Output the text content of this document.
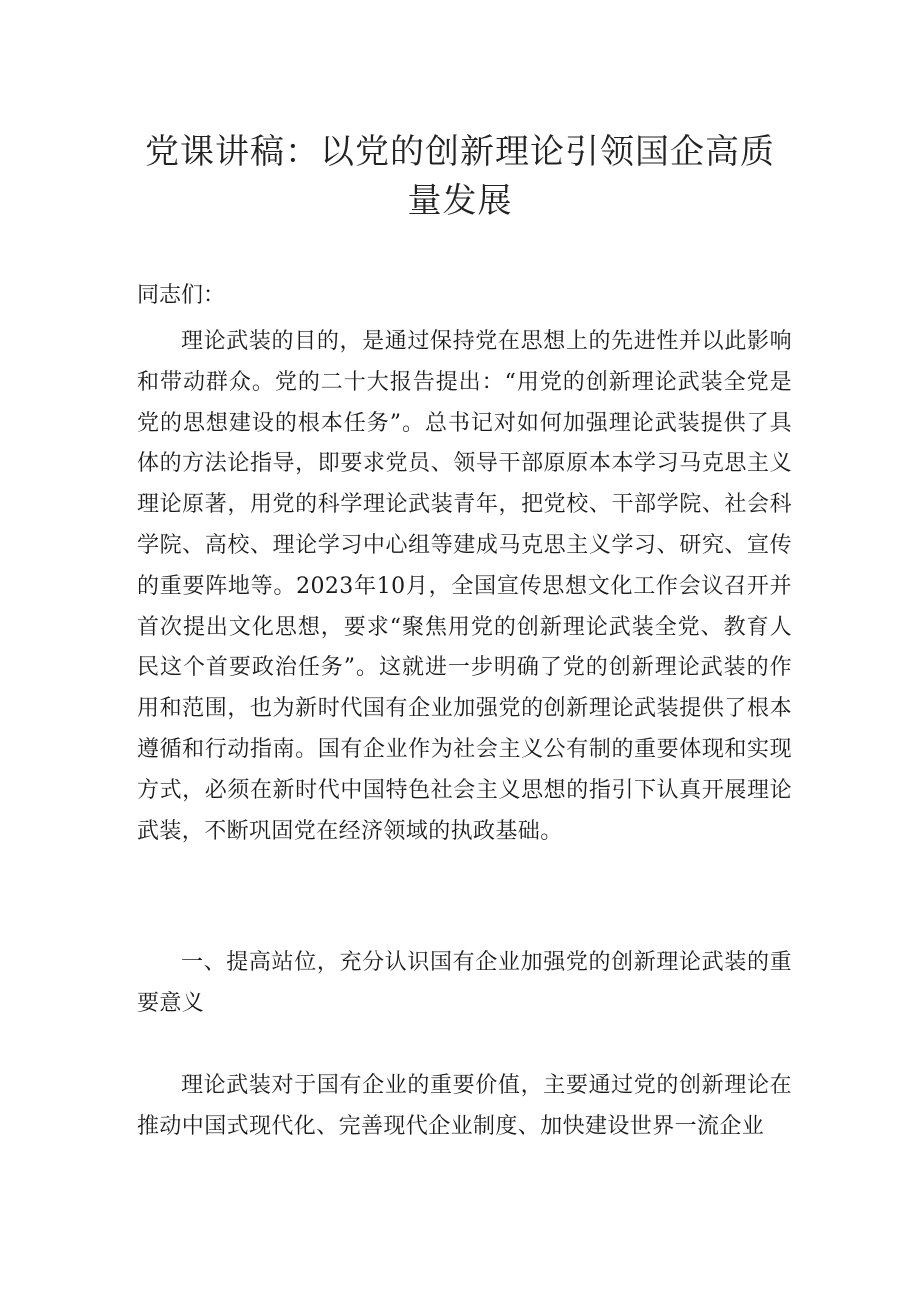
党课讲稿：以党的创新理论引领国企高质量发展

同志们：

理论武装的目的，是通过保持党在思想上的先进性并以此影响和带动群众。党的二十大报告提出：“用党的创新理论武装全党是党的思想建设的根本任务”。总书记对如何加强理论武装提供了具体的方法论指导，即要求党员、领导干部原原本本学习马克思主义理论原著，用党的科学理论武装青年，把党校、干部学院、社会科学院、高校、理论学习中心组等建成马克思主义学习、研究、宣传的重要阵地等。2023年10月，全国宣传思想文化工作会议召开并首次提出文化思想，要求“聚焦用党的创新理论武装全党、教育人民这个首要政治任务”。这就进一步明确了党的创新理论武装的作用和范围，也为新时代国有企业加强党的创新理论武装提供了根本遵循和行动指南。国有企业作为社会主义公有制的重要体现和实现方式，必须在新时代中国特色社会主义思想的指引下认真开展理论武装，不断巩固党在经济领域的执政基础。

一、提高站位，充分认识国有企业加强党的创新理论武装的重要意义

理论武装对于国有企业的重要价值，主要通过党的创新理论在推动中国式现代化、完善现代企业制度、加快建设世界一流企业
